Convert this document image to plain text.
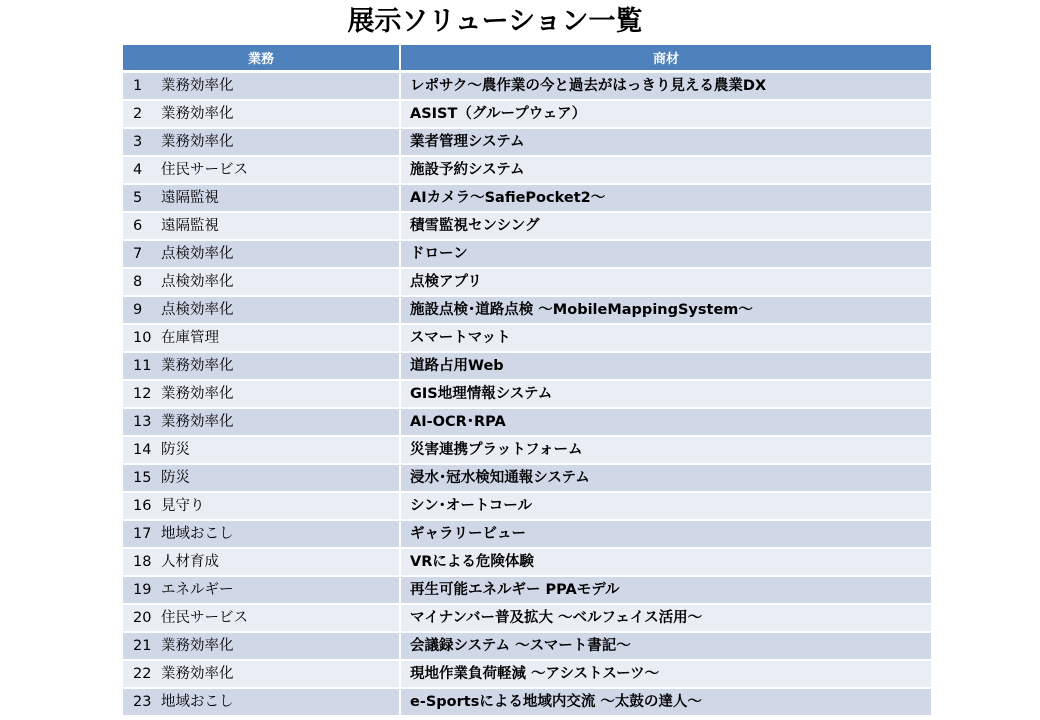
展示ソリューション一覧
業務	商材
1 業務効率化	レポサク～農作業の今と過去がはっきり見える農業DX
2 業務効率化	ASIST（グループウェア）
3 業務効率化	業者管理システム
4 住民サービス	施設予約システム
5 遠隔監視	AIカメラ～SafiePocket2～
6 遠隔監視	積雪監視センシング
7 点検効率化	ドローン
8 点検効率化	点検アプリ
9 点検効率化	施設点検･道路点検 ～MobileMappingSystem～
10 在庫管理	スマートマット
11 業務効率化	道路占用Web
12 業務効率化	GIS地理情報システム
13 業務効率化	AI-OCR･RPA
14 防災	災害連携プラットフォーム
15 防災	浸水･冠水検知通報システム
16 見守り	シン･オートコール
17 地域おこし	ギャラリービュー
18 人材育成	VRによる危険体験
19 エネルギー	再生可能エネルギー PPAモデル
20 住民サービス	マイナンバー普及拡大 ～ベルフェイス活用～
21 業務効率化	会議録システム ～スマート書記～
22 業務効率化	現地作業負荷軽減 ～アシストスーツ～
23 地域おこし	e-Sportsによる地域内交流 ～太鼓の達人～
